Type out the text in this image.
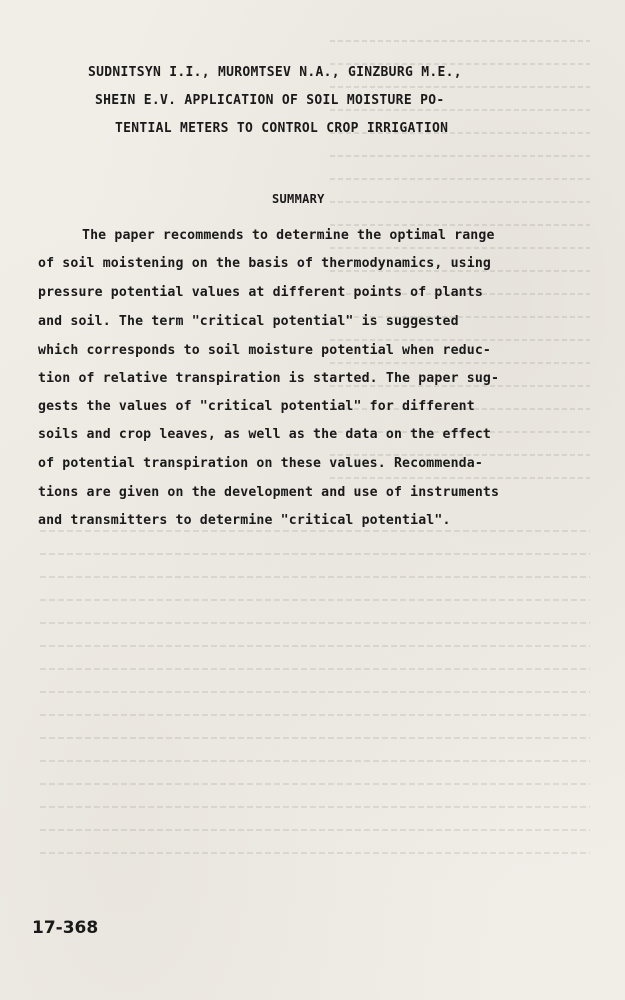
SUDNITSYN I.I., MUROMTSEV N.A., GINZBURG M.E.,
SHEIN E.V. APPLICATION OF SOIL MOISTURE PO-
TENTIAL METERS TO CONTROL CROP IRRIGATION
SUMMARY
The paper recommends to determine the optimal range
of soil moistening on the basis of thermodynamics, using
pressure potential values at different points of plants
and soil. The term "critical potential" is suggested
which corresponds to soil moisture potential when reduc-
tion of relative transpiration is started. The paper sug-
gests the values of "critical potential" for different
soils and crop leaves, as well as the data on the effect
of potential transpiration on these values. Recommenda-
tions are given on the development and use of instruments
and transmitters to determine "critical potential".
17-368
